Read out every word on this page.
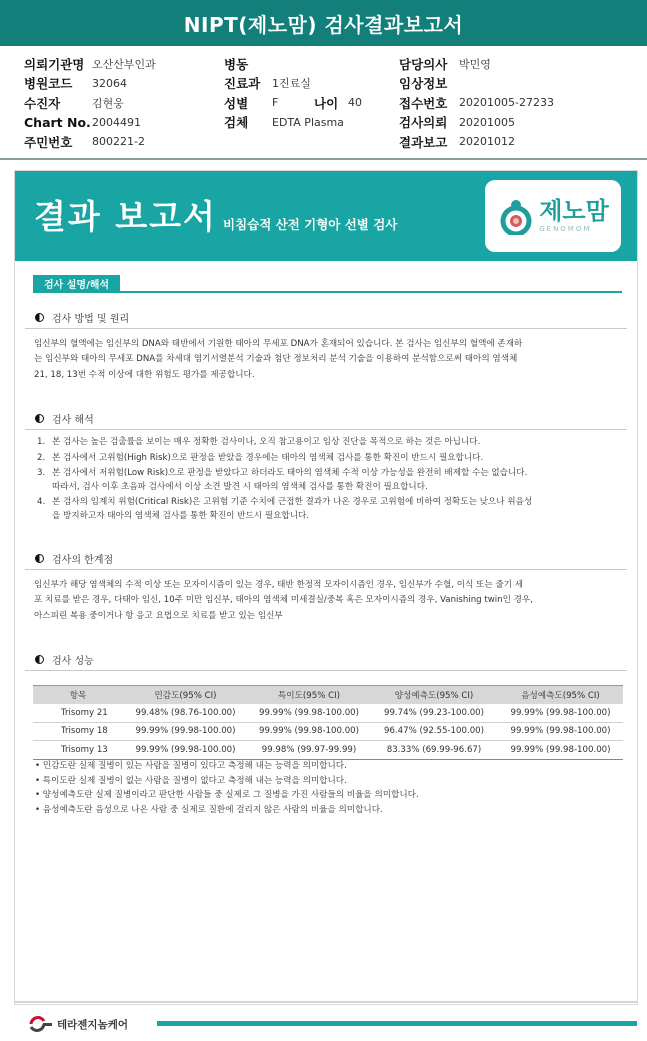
NIPT(제노맘) 검사결과보고서
의뢰기관명 오산산부인과	병동	담당의사	박민영
병원코드	32064	진료과	1진료실	임상정보
수진자	김현웅	성별	F	나이 40	접수번호	20201005-27233
Chart No. 2004491	검체	EDTA Plasma	검사의뢰	20201005
주민번호	800221-2	결과보고	20201012
결과 보고서 비침습적 산전 기형아 선별 검사	제노맘
GENOMOM
검사 설명/해석
검사 방법 및 원리
임신부의 혈액에는 임신부의 DNA와 태반에서 기원한 태아의 무세포 DNA가 혼재되어 있습니다. 본 검사는 임신부의 혈액에 존재하
는 임신부와 태아의 무세포 DNA를 차세대 염기서열분석 기술과 첨단 정보처리 분석 기술을 이용하여 분석함으로써 태아의 염색체
21, 18, 13번 수적 이상에 대한 위험도 평가를 제공합니다.
검사 해석
1. 본 검사는 높은 검출률을 보이는 매우 정확한 검사이나, 오직 참고용이고 임상 진단을 목적으로 하는 것은 아닙니다.
2. 본 검사에서 고위험(High Risk)으로 판정을 받았을 경우에는 태아의 염색체 검사를 통한 확진이 반드시 필요합니다.
3. 본 검사에서 저위험(Low Risk)으로 판정을 받았다고 하더라도 태아의 염색체 수적 이상 가능성을 완전히 배제할 수는 없습니다.
따라서, 검사 이후 초음파 검사에서 이상 소견 발견 시 태아의 염색체 검사를 통한 확진이 필요합니다.
4. 본 검사의 임계치 위험(Critical Risk)은 고위험 기준 수치에 근접한 결과가 나온 경우로 고위험에 비하여 정확도는 낮으나 위음성
을 방지하고자 태아의 염색체 검사를 통한 확진이 반드시 필요합니다.
검사의 한계점
임신부가 해당 염색체의 수적 이상 또는 모자이시즘이 있는 경우, 태반 한정적 모자이시즘인 경우, 임신부가 수혈, 이식 또는 줄기 세
포 치료를 받은 경우, 다태아 임신, 10주 미만 임신부, 태아의 염색체 미세결실/중복 혹은 모자이시즘의 경우, Vanishing twin인 경우,
아스피린 복용 중이거나 항 응고 요법으로 치료를 받고 있는 임신부
검사 성능
항목	민감도(95% CI)	특이도(95% CI)	양성예측도(95% CI)	음성예측도(95% CI)
Trisomy 21	99.48% (98.76-100.00)	99.99% (99.98-100.00)	99.74% (99.23-100.00)	99.99% (99.98-100.00)
Trisomy 18	99.99% (99.98-100.00)	99.99% (99.98-100.00)	96.47% (92.55-100.00)	99.99% (99.98-100.00)
Trisomy 13	99.99% (99.98-100.00)	99.98% (99.97-99.99)	83.33% (69.99-96.67)	99.99% (99.98-100.00)
• 민감도란 실제 질병이 있는 사람을 질병이 있다고 측정해 내는 능력을 의미합니다.
• 특이도란 실제 질병이 없는 사람을 질병이 없다고 측정해 내는 능력을 의미합니다.
• 양성예측도란 실제 질병이라고 판단한 사람들 중 실제로 그 질병을 가진 사람들의 비율을 의미합니다.
• 음성예측도란 음성으로 나온 사람 중 실제로 질환에 걸리지 않은 사람의 비율을 의미합니다.
테라젠지놈케어
